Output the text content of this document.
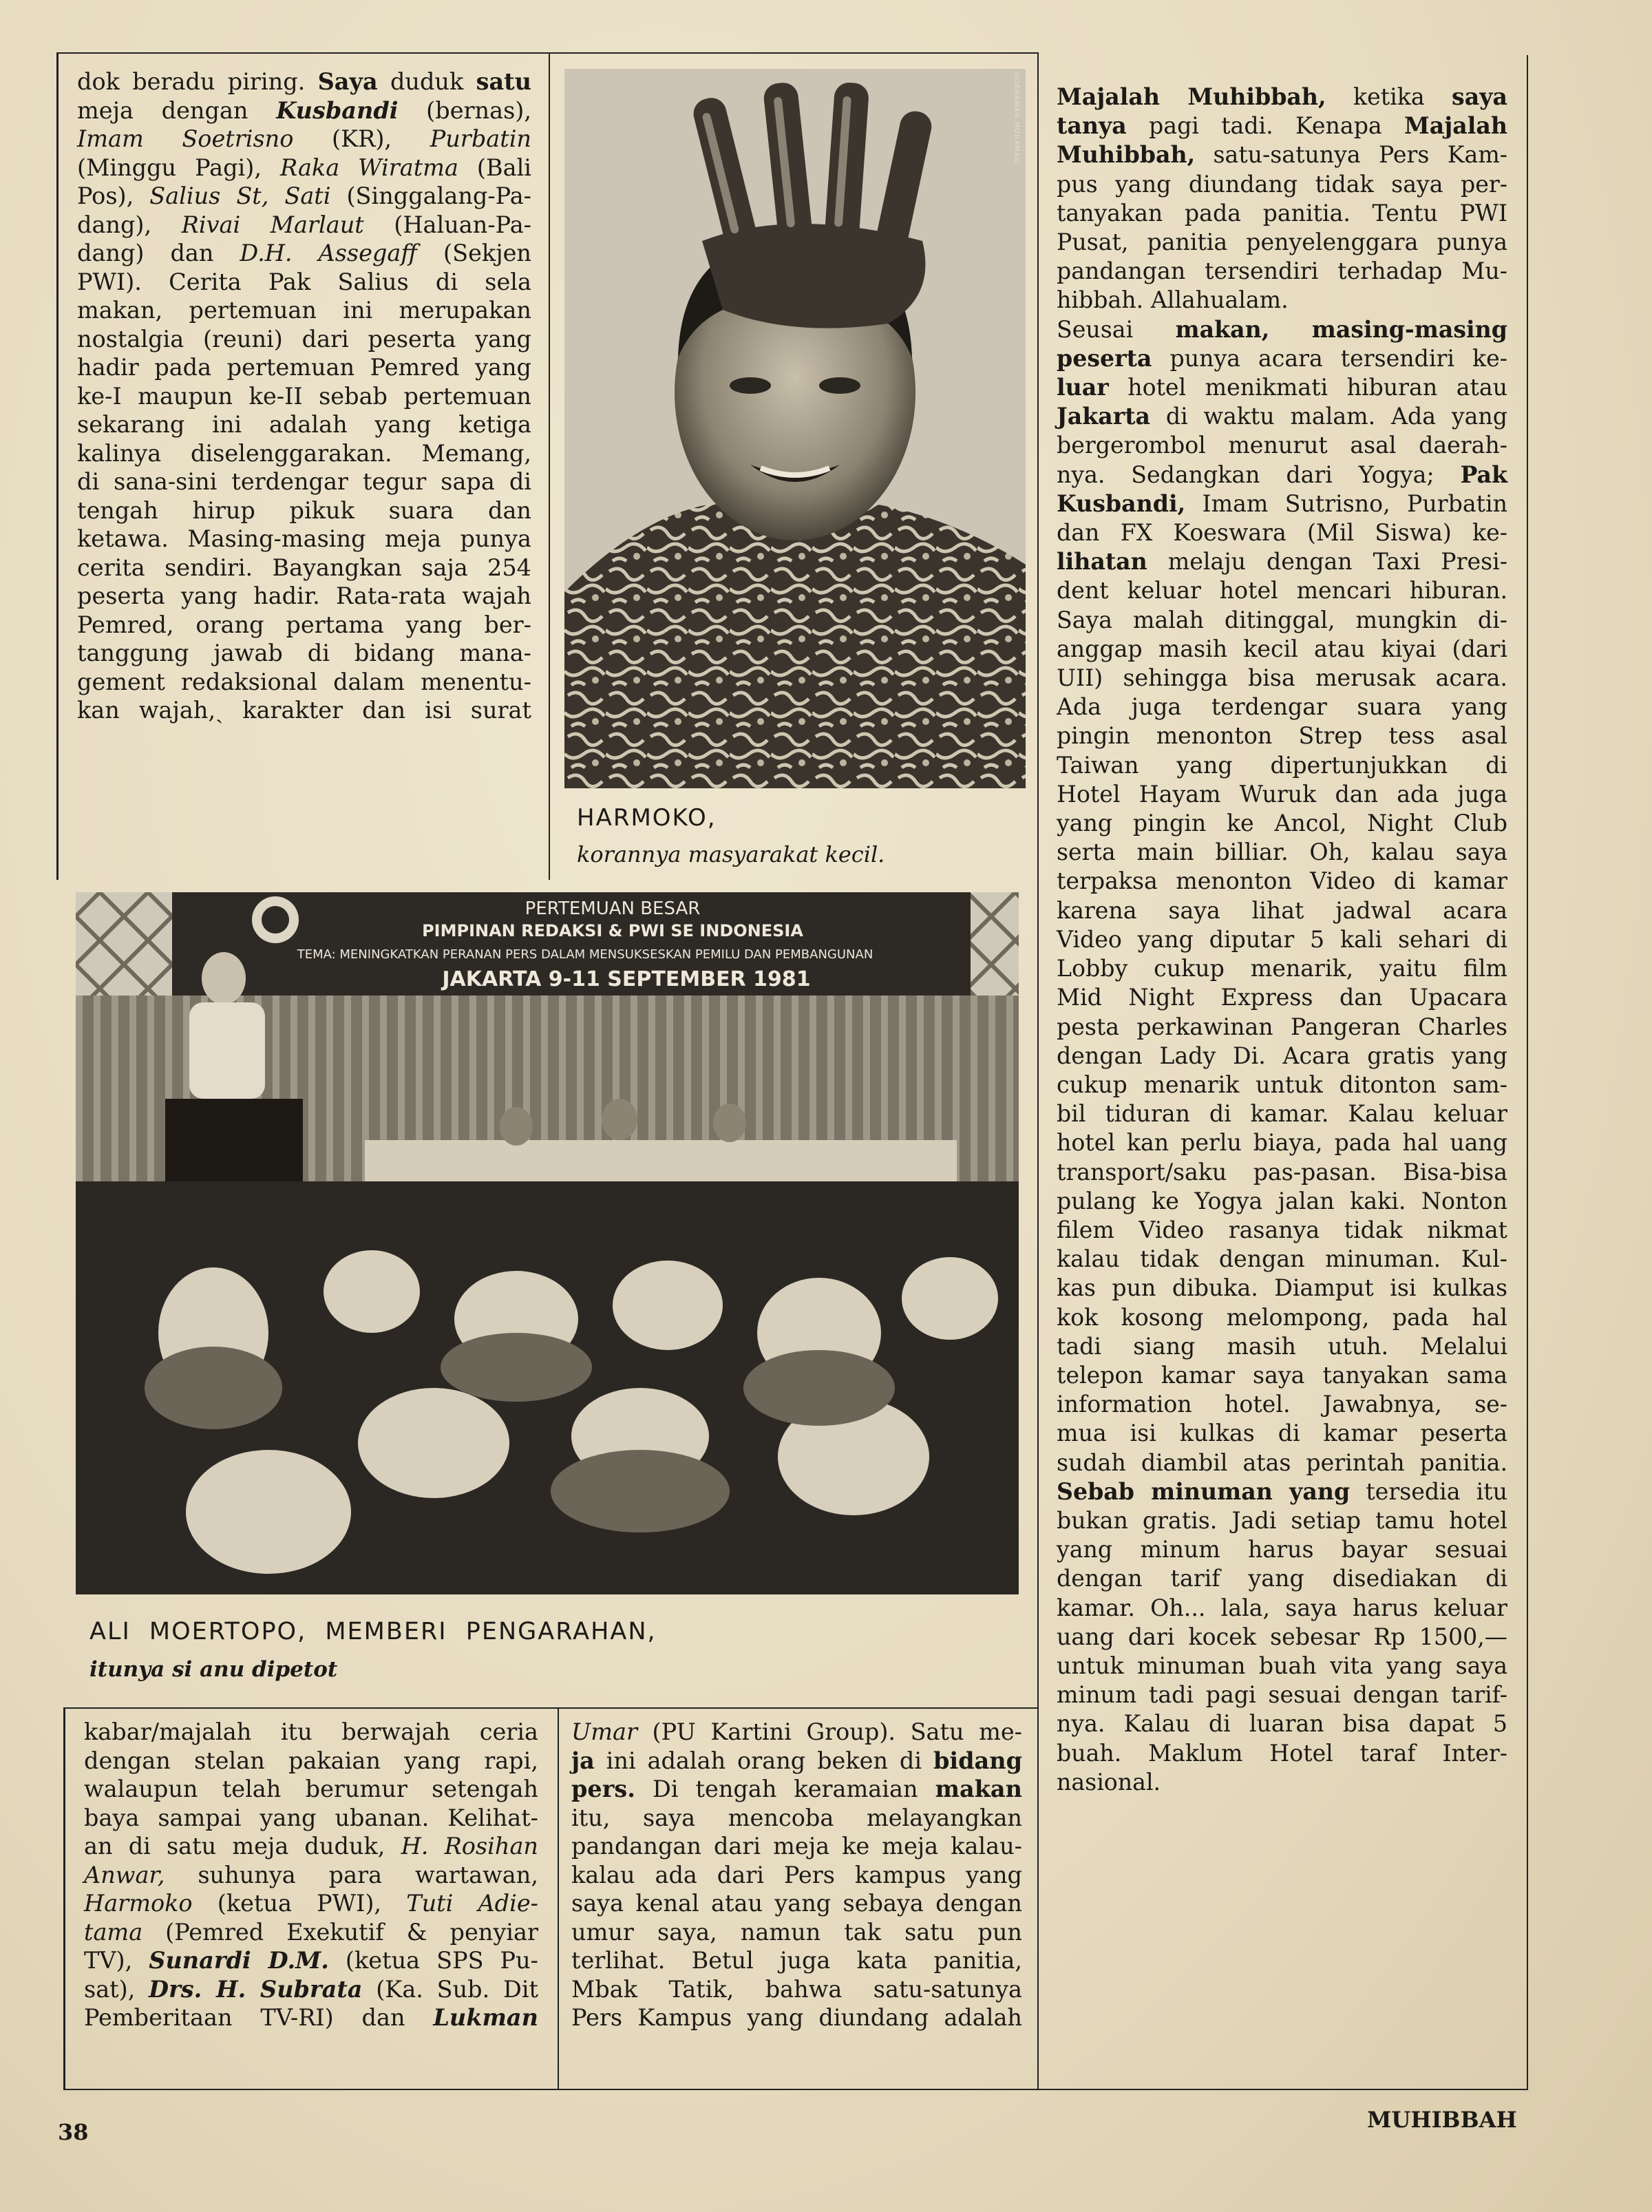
dok beradu piring. Saya duduk satu

meja dengan Kusbandi (bernas),

Imam Soetrisno (KR), Purbatin

(Minggu Pagi), Raka Wiratma (Bali

Pos), Salius St, Sati (Singgalang-Pa-

dang), Rivai Marlaut (Haluan-Pa-

dang) dan D.H. Assegaff (Sekjen

PWI). Cerita Pak Salius di sela

makan, pertemuan ini merupakan

nostalgia (reuni) dari peserta yang

hadir pada pertemuan Pemred yang

ke-I maupun ke-II sebab pertemuan

sekarang ini adalah yang ketiga

kalinya diselenggarakan. Memang,

di sana-sini terdengar tegur sapa di

tengah hirup pikuk suara dan

ketawa. Masing-masing meja punya

cerita sendiri. Bayangkan saja 254

peserta yang hadir. Rata-rata wajah

Pemred, orang pertama yang ber-

tanggung jawab di bidang mana-

gement redaksional dalam menentu-

kan wajah,ˏ karakter dan isi surat

GOENAWAN MOHAMAD
HARMOKO,
korannya masyarakat kecil.
PERTEMUAN BESAR
PIMPINAN REDAKSI & PWI SE INDONESIA
TEMA: MENINGKATKAN PERANAN PERS DALAM MENSUKSESKAN PEMILU DAN PEMBANGUNAN
JAKARTA 9-11 SEPTEMBER 1981
ALI MOERTOPO, MEMBERI PENGARAHAN,
itunya si anu dipetot

kabar/majalah itu berwajah ceria

dengan stelan pakaian yang rapi,

walaupun telah berumur setengah

baya sampai yang ubanan. Kelihat-

an di satu meja duduk, H. Rosihan

Anwar, suhunya para wartawan,

Harmoko (ketua PWI), Tuti Adie-

tama (Pemred Exekutif & penyiar

TV), Sunardi D.M. (ketua SPS Pu-

sat), Drs. H. Subrata (Ka. Sub. Dit

Pemberitaan TV-RI) dan Lukman

Umar (PU Kartini Group). Satu me-

ja ini adalah orang beken di bidang

pers. Di tengah keramaian makan

itu, saya mencoba melayangkan

pandangan dari meja ke meja kalau-

kalau ada dari Pers kampus yang

saya kenal atau yang sebaya dengan

umur saya, namun tak satu pun

terlihat. Betul juga kata panitia,

Mbak Tatik, bahwa satu-satunya

Pers Kampus yang diundang adalah

Majalah Muhibbah, ketika saya

tanya pagi tadi. Kenapa Majalah

Muhibbah, satu-satunya Pers Kam-

pus yang diundang tidak saya per-

tanyakan pada panitia. Tentu PWI

Pusat, panitia penyelenggara punya

pandangan tersendiri terhadap Mu-

hibbah. Allahualam.

Seusai makan, masing-masing

peserta punya acara tersendiri ke-

luar hotel menikmati hiburan atau

Jakarta di waktu malam. Ada yang

bergerombol menurut asal daerah-

nya. Sedangkan dari Yogya; Pak

Kusbandi, Imam Sutrisno, Purbatin

dan FX Koeswara (Mil Siswa) ke-

lihatan melaju dengan Taxi Presi-

dent keluar hotel mencari hiburan.

Saya malah ditinggal, mungkin di-

anggap masih kecil atau kiyai (dari

UII) sehingga bisa merusak acara.

Ada juga terdengar suara yang

pingin menonton Strep tess asal

Taiwan yang dipertunjukkan di

Hotel Hayam Wuruk dan ada juga

yang pingin ke Ancol, Night Club

serta main billiar. Oh, kalau saya

terpaksa menonton Video di kamar

karena saya lihat jadwal acara

Video yang diputar 5 kali sehari di

Lobby cukup menarik, yaitu film

Mid Night Express dan Upacara

pesta perkawinan Pangeran Charles

dengan Lady Di. Acara gratis yang

cukup menarik untuk ditonton sam-

bil tiduran di kamar. Kalau keluar

hotel kan perlu biaya, pada hal uang

transport/saku pas-pasan. Bisa-bisa

pulang ke Yogya jalan kaki. Nonton

filem Video rasanya tidak nikmat

kalau tidak dengan minuman. Kul-

kas pun dibuka. Diamput isi kulkas

kok kosong melompong, pada hal

tadi siang masih utuh. Melalui

telepon kamar saya tanyakan sama

information hotel. Jawabnya, se-

mua isi kulkas di kamar peserta

sudah diambil atas perintah panitia.

Sebab minuman yang tersedia itu

bukan gratis. Jadi setiap tamu hotel

yang minum harus bayar sesuai

dengan tarif yang disediakan di

kamar. Oh... lala, saya harus keluar

uang dari kocek sebesar Rp 1500,—

untuk minuman buah vita yang saya

minum tadi pagi sesuai dengan tarif-

nya. Kalau di luaran bisa dapat 5

buah. Maklum Hotel taraf Inter-

nasional.

38	MUHIBBAH
